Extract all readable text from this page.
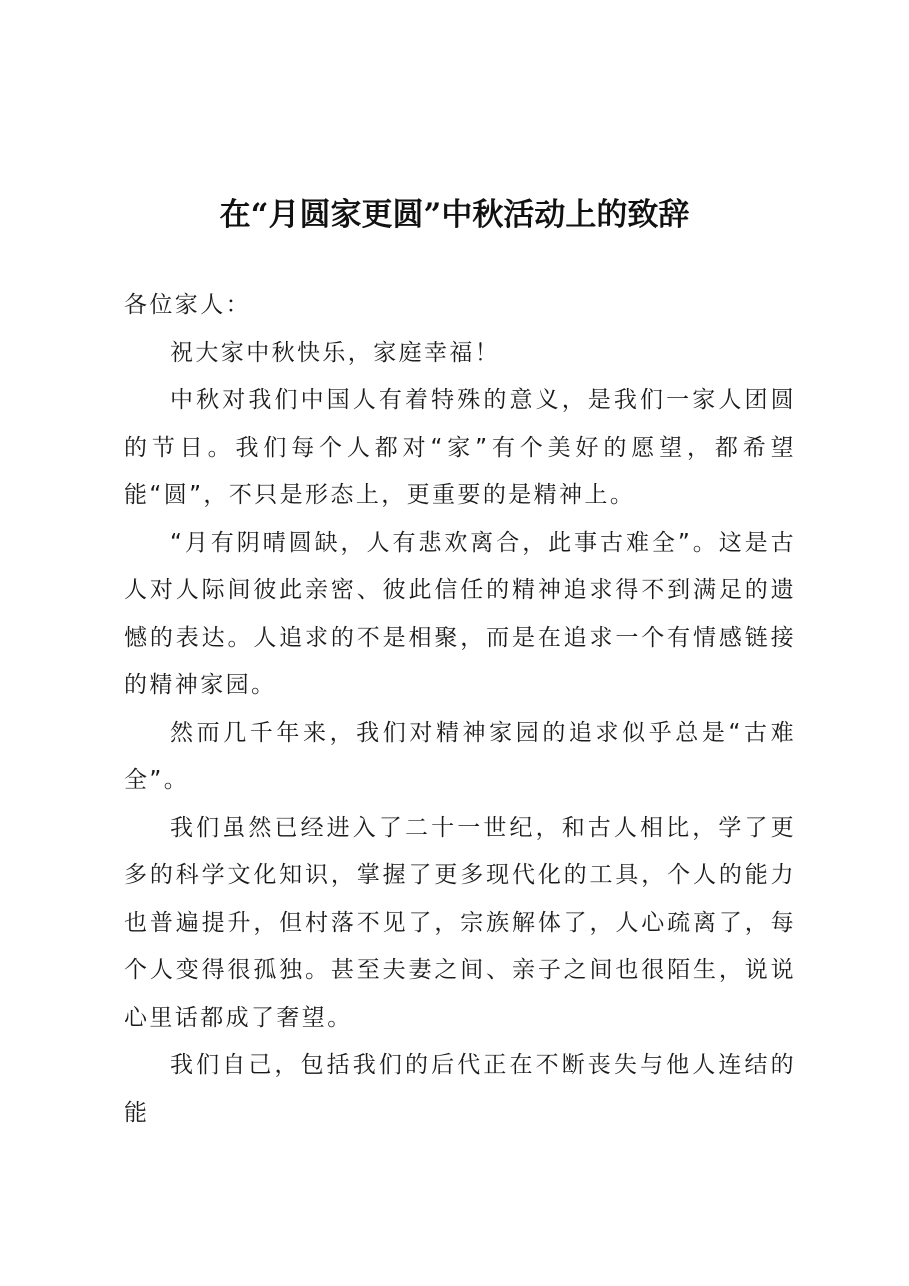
在“月圆家更圆”中秋活动上的致辞

各位家人：

祝大家中秋快乐，家庭幸福！

中秋对我们中国人有着特殊的意义，是我们一家人团圆的节日。我们每个人都对“家”有个美好的愿望，都希望能“圆”，不只是形态上，更重要的是精神上。

“月有阴晴圆缺，人有悲欢离合，此事古难全”。这是古人对人际间彼此亲密、彼此信任的精神追求得不到满足的遗憾的表达。人追求的不是相聚，而是在追求一个有情感链接的精神家园。

然而几千年来，我们对精神家园的追求似乎总是“古难全”。

我们虽然已经进入了二十一世纪，和古人相比，学了更多的科学文化知识，掌握了更多现代化的工具，个人的能力也普遍提升，但村落不见了，宗族解体了，人心疏离了，每个人变得很孤独。甚至夫妻之间、亲子之间也很陌生，说说心里话都成了奢望。

我们自己，包括我们的后代正在不断丧失与他人连结的能
